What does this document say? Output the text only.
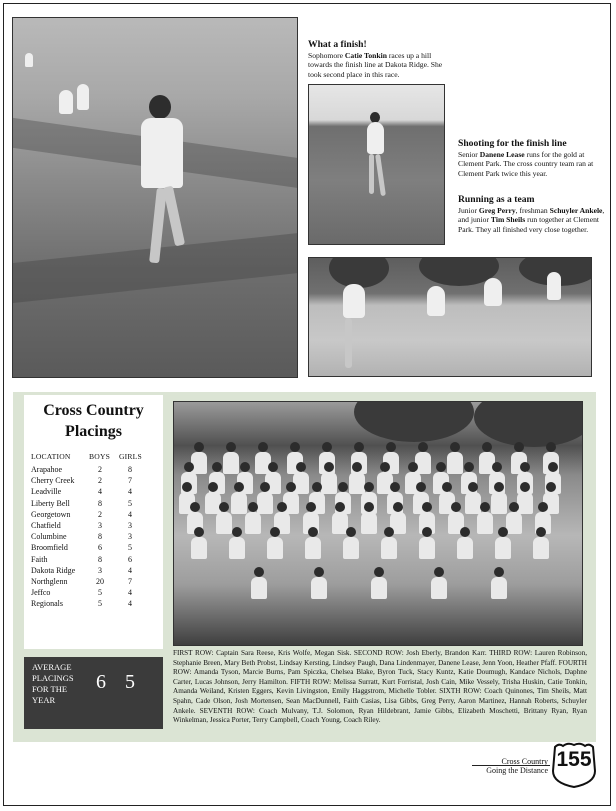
What a finish!
Sophomore Catie Tonkin races up a hill towards the finish line at Dakota Ridge. She took second place in this race.
Shooting for the finish line
Senior Danene Lease runs for the gold at Clement Park. The cross country team ran at Clement Park twice this year.
Running as a team
Junior Greg Perry, freshman Schuyler Ankele, and junior Tim Sheils run together at Clement Park. They all finished very close together.
Cross Country
Placings
LOCATION BOYS GIRLS
Arapahoe
Cherry Creek
Leadville
Liberty Bell
Georgetown
Chatfield
Columbine
Broomfield
Faith
Dakota Ridge
Northglenn
Jeffco
Regionals
2
2
4
8
2
3
8
6
8
3
20
5
5
8
7
4
5
4
3
3
5
6
4
7
4
4
AVERAGE PLACINGS FOR THE YEAR
6 5
FIRST ROW: Captain Sara Reese, Kris Wolfe, Megan Sisk. SECOND ROW: Josh Eberly, Brandon Karr. THIRD ROW: Lauren Robinson, Stephanie Breen, Mary Beth Probst, Lindsay Kersting, Lindsey Paugh, Dana Lindenmayer, Danene Lease, Jenn Yoon, Heather Pfaff. FOURTH ROW: Amanda Tyson, Marcie Burns, Pam Spiczka, Chelsea Blake, Byron Tuck, Stacy Kuntz, Katie Doumugh, Kandace Nichols, Daphne Carter, Lucas Johnson, Jerry Hamilton. FIFTH ROW: Melissa Surratt, Kurt Forristal, Josh Cain, Mike Vessely, Trisha Huskin, Catie Tonkin, Amanda Weiland, Kristen Eggers, Kevin Livingston, Emily Haggstrom, Michelle Tobler. SIXTH ROW: Coach Quinones, Tim Sheils, Matt Spahn, Cade Olson, Josh Mortensen, Sean MacDunnell, Faith Casias, Lisa Gibbs, Greg Perry, Aaron Martinez, Hannah Roberts, Schuyler Ankele. SEVENTH ROW: Coach Mulvany, T.J. Solomon, Ryan Hildebrant, Jamie Gibbs, Elizabeth Moschetti, Brittany Ryan, Ryan Winkelman, Jessica Porter, Terry Campbell, Coach Young, Coach Riley.
Cross Country
Going the Distance 155
